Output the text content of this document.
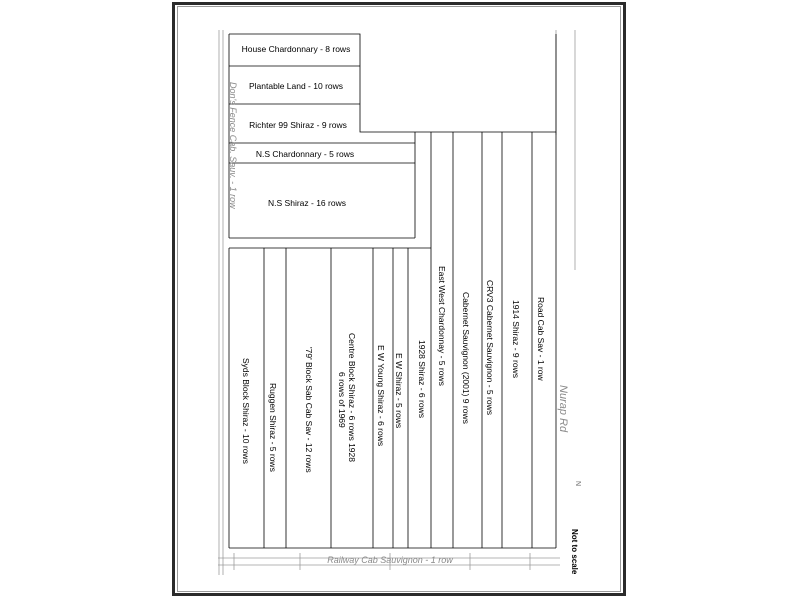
House Chardonnary - 8 rows
Plantable Land - 10 rows
Richter 99 Shiraz - 9 rows
N.S Chardonnary - 5 rows
N.S Shiraz - 16 rows
Syds Block Shiraz - 10 rows Ruggen Shiraz - 5 rows	'79' Block Sab Cab Sav - 12 rows	Centre Block Shiraz - 6 rows 1928
6 rows of 1969	E W Young Shiraz - 6 rows E W Shiraz - 5 rows 1928 Shiraz - 6 rows East West Chardonnay - 5 rows Cabernet Sauvignon (2001) 9 rows CRV3 Cabernet Sauvignon - 5 rows 1914 Shiraz - 9 rows Road Cab Sav - 1 row
Don's Fence Cab. Sauv. - 1 row
Nurap Rd
Railway Cab Sauvignon - 1 row
N
Not to scale
